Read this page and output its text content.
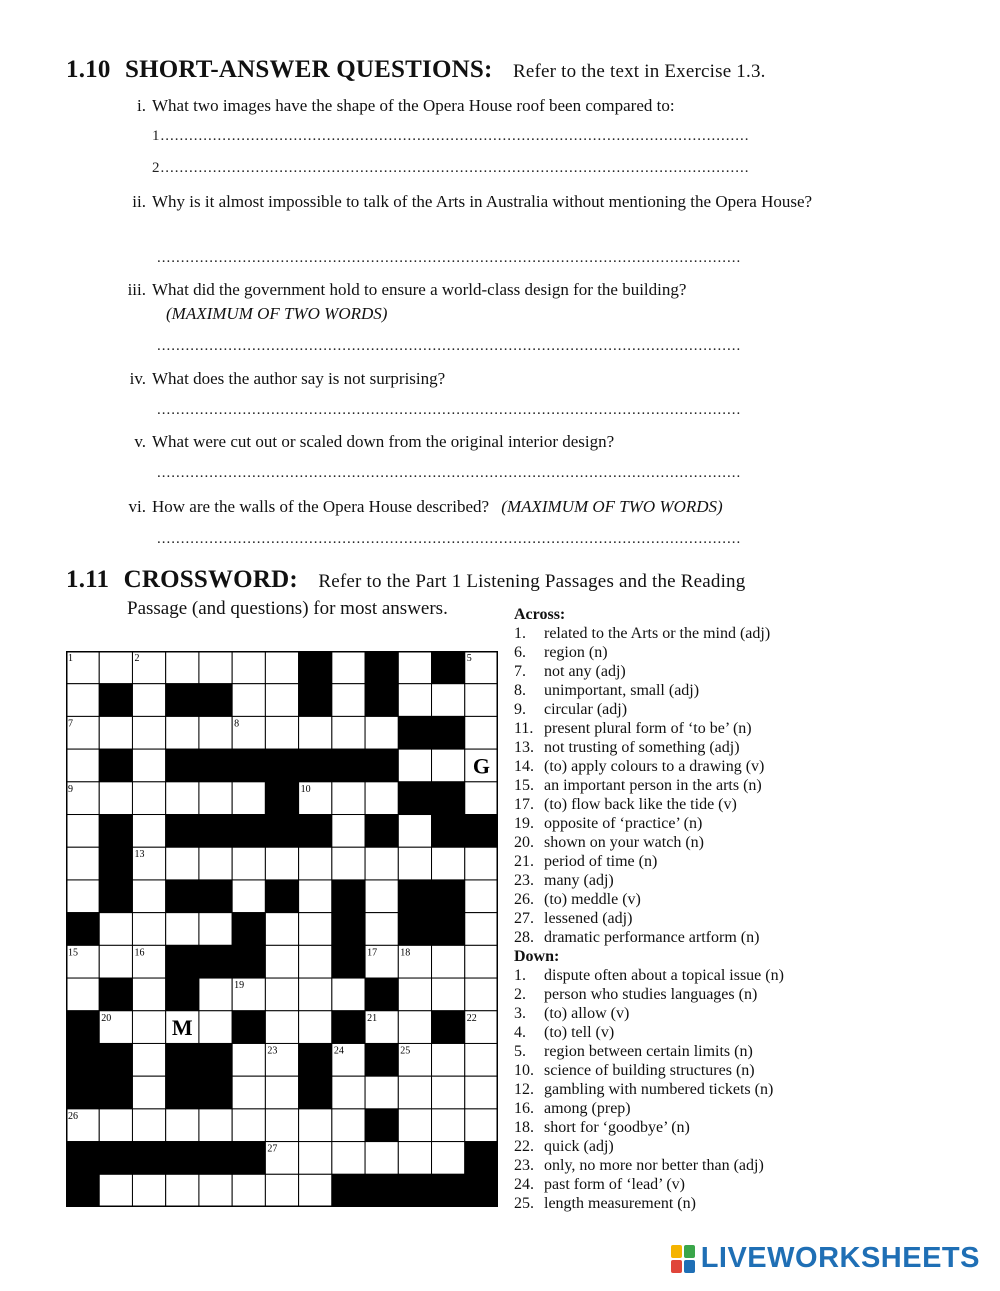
1.10 SHORT-ANSWER QUESTIONS: Refer to the text in Exercise 1.3.
i. What two images have the shape of the Opera House roof been compared to:
1............................................................................................................................
2............................................................................................................................
ii. Why is it almost impossible to talk of the Arts in Australia without mentioning the Opera House?
...........................................................................................................................
iii. What did the government hold to ensure a world-class design for the building?
(MAXIMUM OF TWO WORDS)
...........................................................................................................................
iv. What does the author say is not surprising?
...........................................................................................................................
v. What were cut out or scaled down from the original interior design?
...........................................................................................................................
vi. How are the walls of the Opera House described? (MAXIMUM OF TWO WORDS)
...........................................................................................................................
1.11 CROSSWORD: Refer to the Part 1 Listening Passages and the Reading
Passage (and questions) for most answers.
1	2	3	4	5
6
7	8
9	10	11
12
13
14
15	16	17 18
19
20	21	22
23	24	25
26
27
28
G
M
Across:
1. related to the Arts or the mind (adj)
6. region (n)
7. not any (adj)
8. unimportant, small (adj)
9. circular (adj)
11. present plural form of ‘to be’ (n)
13. not trusting of something (adj)
14. (to) apply colours to a drawing (v)
15. an important person in the arts (n)
17. (to) flow back like the tide (v)
19. opposite of ‘practice’ (n)
20. shown on your watch (n)
21. period of time (n)
23. many (adj)
26. (to) meddle (v)
27. lessened (adj)
28. dramatic performance artform (n)
Down:
1. dispute often about a topical issue (n)
2. person who studies languages (n)
3. (to) allow (v)
4. (to) tell (v)
5. region between certain limits (n)
10. science of building structures (n)
12. gambling with numbered tickets (n)
16. among (prep)
18. short for ‘goodbye’ (n)
22. quick (adj)
23. only, no more nor better than (adj)
24. past form of ‘lead’ (v)
25. length measurement (n)
LIVEWORKSHEETS
